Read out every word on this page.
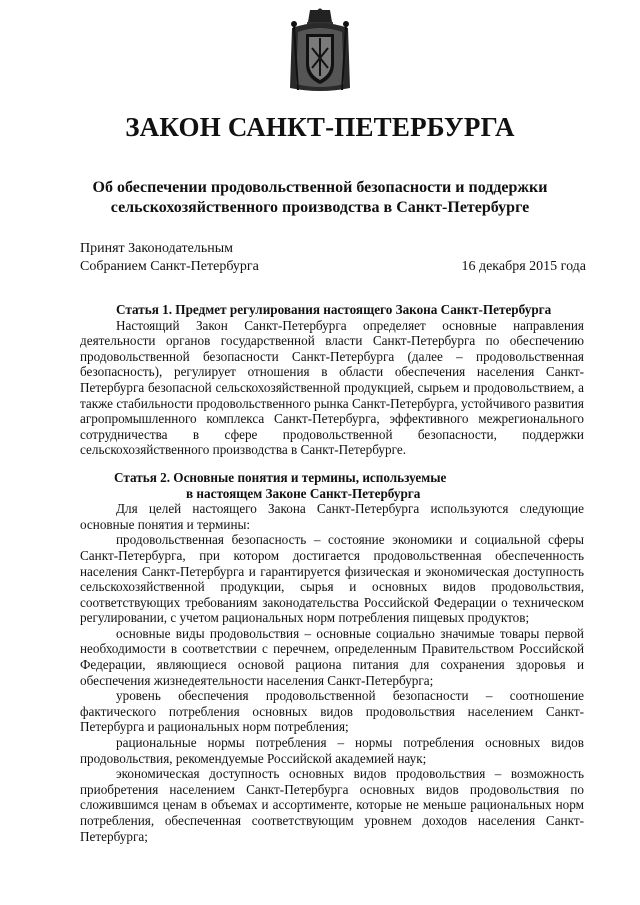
ЗАКОН САНКТ-ПЕТЕРБУРГА
Об обеспечении продовольственной безопасности и поддержки сельскохозяйственного производства в Санкт-Петербурге
Принят Законодательным
Собранием Санкт-Петербурга	16 декабря 2015 года
Статья 1. Предмет регулирования настоящего Закона Санкт-Петербурга

Настоящий Закон Санкт-Петербурга определяет основные направления деятельности органов государственной власти Санкт-Петербурга по обеспечению продовольственной безопасности Санкт-Петербурга (далее – продовольственная безопасность), регулирует отношения в области обеспечения населения Санкт-Петербурга безопасной сельскохозяйственной продукцией, сырьем и продовольствием, а также стабильности продовольственного рынка Санкт-Петербурга, устойчивого развития агропромышленного комплекса Санкт-Петербурга, эффективного межрегионального сотрудничества в сфере продовольственной безопасности, поддержки сельскохозяйственного производства в Санкт-Петербурге.

Статья 2. Основные понятия и термины, используемые
в настоящем Законе Санкт-Петербурга

Для целей настоящего Закона Санкт-Петербурга используются следующие основные понятия и термины:

продовольственная безопасность – состояние экономики и социальной сферы Санкт-Петербурга, при котором достигается продовольственная обеспеченность населения Санкт-Петербурга и гарантируется физическая и экономическая доступность сельскохозяйственной продукции, сырья и основных видов продовольствия, соответствующих требованиям законодательства Российской Федерации о техническом регулировании, с учетом рациональных норм потребления пищевых продуктов;

основные виды продовольствия – основные социально значимые товары первой необходимости в соответствии с перечнем, определенным Правительством Российской Федерации, являющиеся основой рациона питания для сохранения здоровья и обеспечения жизнедеятельности населения Санкт-Петербурга;

уровень обеспечения продовольственной безопасности – соотношение фактического потребления основных видов продовольствия населением Санкт-Петербурга и рациональных норм потребления;

рациональные нормы потребления – нормы потребления основных видов продовольствия, рекомендуемые Российской академией наук;

экономическая доступность основных видов продовольствия – возможность приобретения населением Санкт-Петербурга основных видов продовольствия по сложившимся ценам в объемах и ассортименте, которые не меньше рациональных норм потребления, обеспеченная соответствующим уровнем доходов населения Санкт-Петербурга;
